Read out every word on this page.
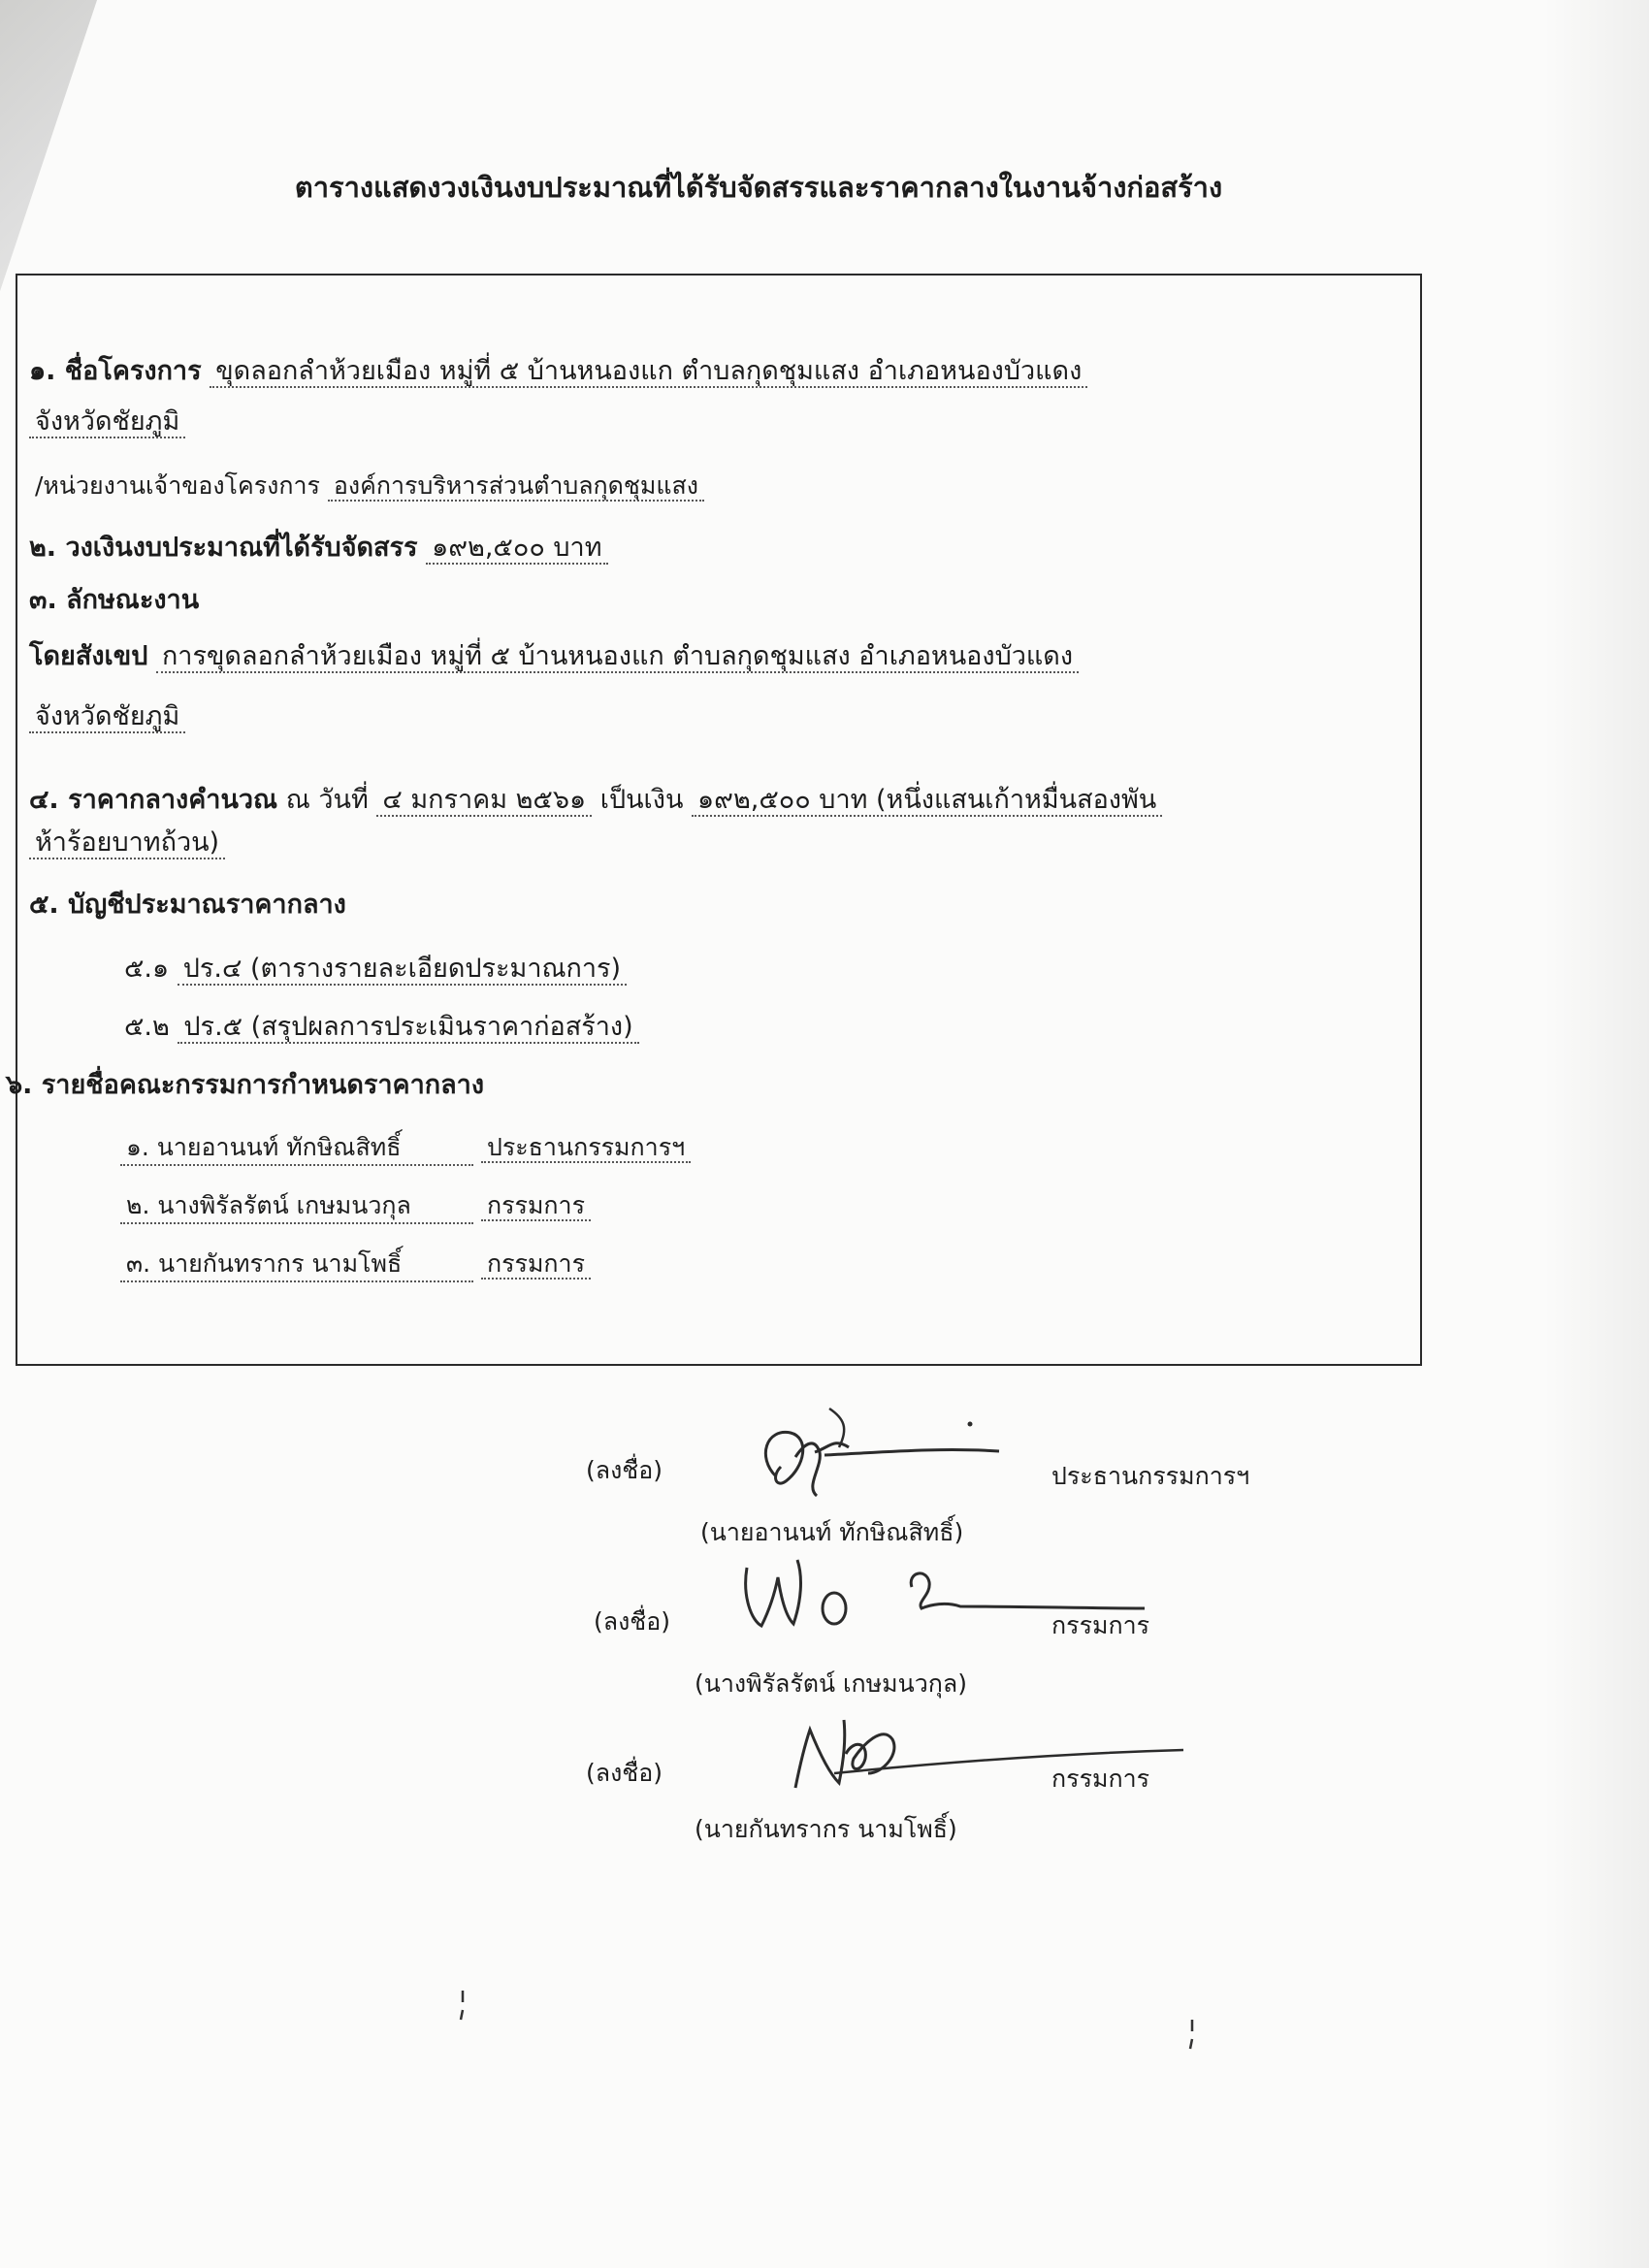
ตารางแสดงวงเงินงบประมาณที่ได้รับจัดสรรและราคากลางในงานจ้างก่อสร้าง
๑. ชื่อโครงการ ขุดลอกลำห้วยเมือง หมู่ที่ ๕ บ้านหนองแก ตำบลกุดชุมแสง อำเภอหนองบัวแดง
จังหวัดชัยภูมิ
/หน่วยงานเจ้าของโครงการ องค์การบริหารส่วนตำบลกุดชุมแสง
๒. วงเงินงบประมาณที่ได้รับจัดสรร ๑๙๒,๕๐๐ บาท
๓. ลักษณะงาน
โดยสังเขป การขุดลอกลำห้วยเมือง หมู่ที่ ๕ บ้านหนองแก ตำบลกุดชุมแสง อำเภอหนองบัวแดง
จังหวัดชัยภูมิ
๔. ราคากลางคำนวณ ณ วันที่ ๔ มกราคม ๒๕๖๑ เป็นเงิน ๑๙๒,๕๐๐ บาท (หนึ่งแสนเก้าหมื่นสองพัน
ห้าร้อยบาทถ้วน)
๕. บัญชีประมาณราคากลาง
๕.๑ ปร.๔ (ตารางรายละเอียดประมาณการ)
๕.๒ ปร.๕ (สรุปผลการประเมินราคาก่อสร้าง)
๖. รายชื่อคณะกรรมการกำหนดราคากลาง
๑. นายอานนท์ ทักษิณสิทธิ์	ประธานกรรมการฯ
๒. นางพิรัลรัตน์ เกษมนวกุล	กรรมการ
๓. นายกันทรากร นามโพธิ์	กรรมการ
(ลงชื่อ)	ประธานกรรมการฯ
(นายอานนท์ ทักษิณสิทธิ์)
(ลงชื่อ)	กรรมการ
(นางพิรัลรัตน์ เกษมนวกุล)
(ลงชื่อ)	กรรมการ
(นายกันทรากร นามโพธิ์)
